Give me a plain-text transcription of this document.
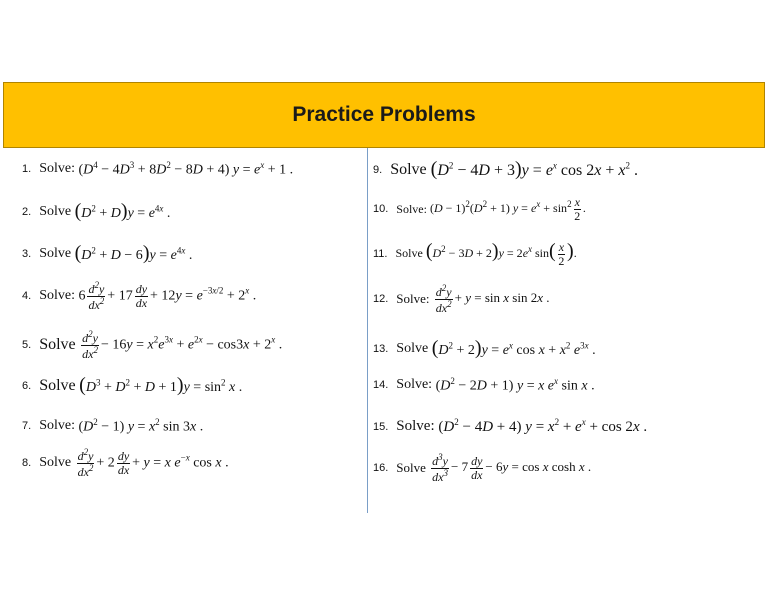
Practice Problems
1. Solve: $(D^4 - 4D^3 + 8D^2 - 8D + 4) y = e^x + 1$ .
2. Solve $(D^2 + D)y = e^{4x}$ .
3. Solve $(D^2 + D - 6)y = e^{4x}$ .
4. Solve: $6 \frac{d^2y}{dx^2} + 17 \frac{dy}{dx} + 12y = e^{-3x/2} + 2^x$ .
5. Solve
$\frac{d^2y}{dx^2} - 16y = x^2e^{3x} + e^{2x} - \cos 3x + 2^x$ .
6. Solve $(D^3 + D^2 + D + 1)y = \sin^2 x$ .
7. Solve: $(D^2 - 1) y = x^2$ sin 3x .
8. Solve
$\frac{d^2y}{dx^2} + 2 \frac{dy}{dx} + y = x$ $e^{-x}$ cos x .
9. Solve $(D^2 - 4D + 3)y = e^x$ $\cos 2x + x^2$ .
10. Solve: $(D - 1)^2(D^2 + 1)$ $y = e^x + \sin^2 \frac{x}{2}$ .
11. Solve $(D^2 - 3D + 2)y = 2e^x$ $\sin( \frac{x}{2}$ ).
12. Solve:
$\frac{d^2y}{dx^2} + y = \sin x$ sin 2x .
13. Solve $(D^2 + 2)y = e^x$ $\cos x + x^2$ $e^{3x}$ .
14. Solve: $(D^2 - 2D + 1) y = x$ $e^x$ sin x .
15. Solve: $(D^2 - 4D + 4) y = x^2 + e^x + \cos 2x$ .
16. Solve
$\frac{d^3y}{dx^3} - 7 \frac{dy}{dx} - 6y = \cos x$ cosh x .
